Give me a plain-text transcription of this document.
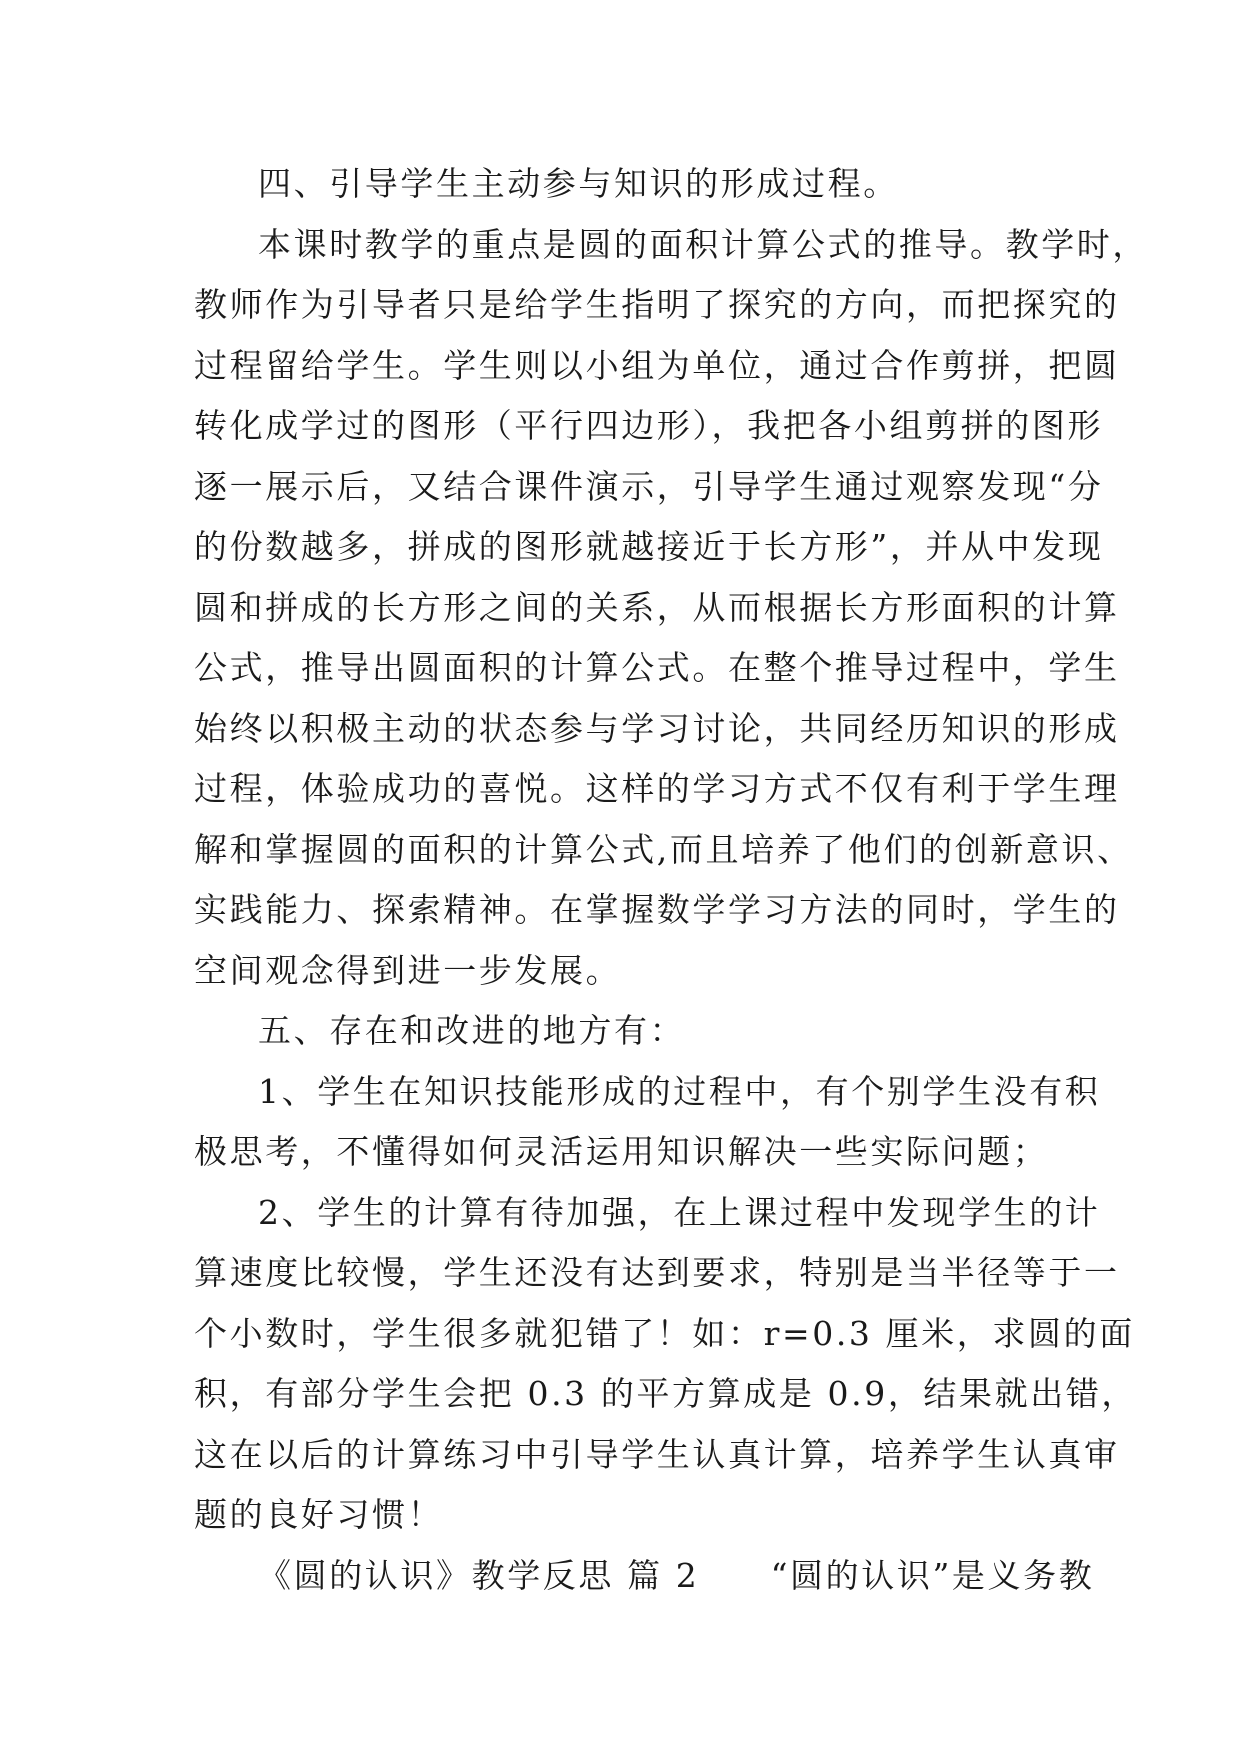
四、引导学生主动参与知识的形成过程。
本课时教学的重点是圆的面积计算公式的推导。教学时，
教师作为引导者只是给学生指明了探究的方向，而把探究的
过程留给学生。学生则以小组为单位，通过合作剪拼，把圆
转化成学过的图形（平行四边形），我把各小组剪拼的图形
逐一展示后，又结合课件演示，引导学生通过观察发现“分
的份数越多，拼成的图形就越接近于长方形”，并从中发现
圆和拼成的长方形之间的关系，从而根据长方形面积的计算
公式，推导出圆面积的计算公式。在整个推导过程中，学生
始终以积极主动的状态参与学习讨论，共同经历知识的形成
过程，体验成功的喜悦。这样的学习方式不仅有利于学生理
解和掌握圆的面积的计算公式,而且培养了他们的创新意识、
实践能力、探索精神。在掌握数学学习方法的同时，学生的
空间观念得到进一步发展。
五、存在和改进的地方有：
1、学生在知识技能形成的过程中，有个别学生没有积
极思考，不懂得如何灵活运用知识解决一些实际问题；
2、学生的计算有待加强，在上课过程中发现学生的计
算速度比较慢，学生还没有达到要求，特别是当半径等于一
个小数时，学生很多就犯错了！如：r=0.3 厘米，求圆的面
积，有部分学生会把 0.3 的平方算成是 0.9，结果就出错，
这在以后的计算练习中引导学生认真计算，培养学生认真审
题的良好习惯！
《圆的认识》教学反思 篇 2　　“圆的认识”是义务教
